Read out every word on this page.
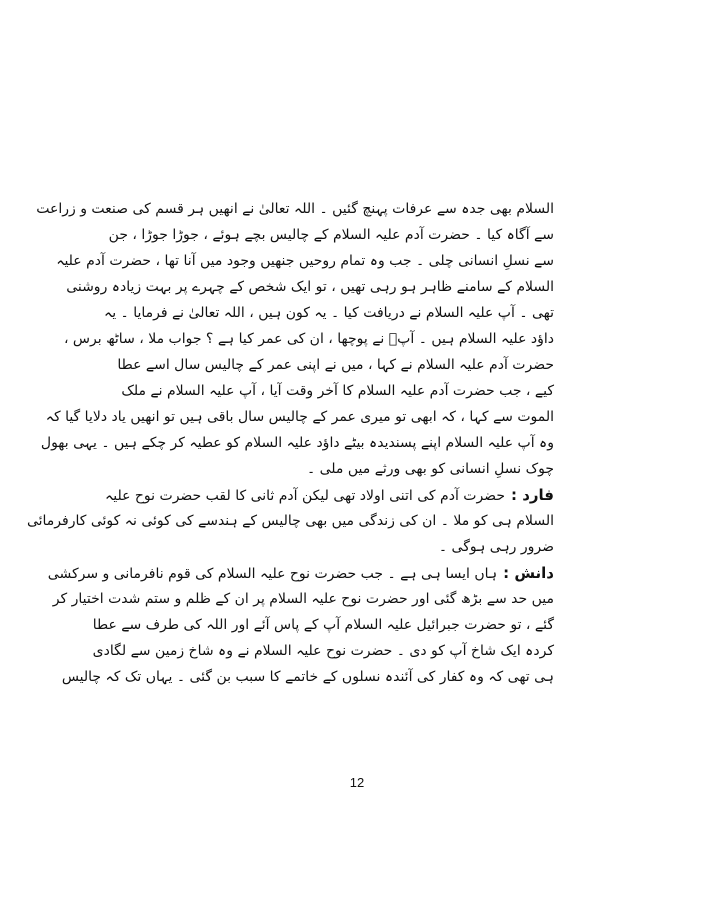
السلام بھی جدہ سے عرفات پہنچ گئیں ۔ اللہ تعالیٰ نے انھیں ہر قسم کی صنعت و زراعت
سے آگاہ کیا ۔ حضرت آدم علیہ السلام کے چالیس بچے ہوئے ، جوڑا جوڑا ، جن
سے نسلِ انسانی چلی ۔ جب وہ تمام روحیں جنھیں وجود میں آنا تھا ، حضرت آدم علیہ
السلام کے سامنے ظاہر ہو رہی تھیں ، تو ایک شخص کے چہرے پر بہت زیادہ روشنی
تھی ۔ آپ علیہ السلام نے دریافت کیا ۔ یہ کون ہیں ، اللہ تعالیٰ نے فرمایا ۔ یہ
داؤد علیہ السلام ہیں ۔ آپؑ نے پوچھا ، ان کی عمر کیا ہے ؟ جواب ملا ، ساٹھ برس ،
حضرت آدم علیہ السلام نے کہا ، میں نے اپنی عمر کے چالیس سال اسے عطا
کیے ، جب حضرت آدم علیہ السلام کا آخر وقت آیا ، آپ علیہ السلام نے ملک
الموت سے کہا ، کہ ابھی تو میری عمر کے چالیس سال باقی ہیں تو انھیں یاد دلایا گیا کہ
وہ آپ علیہ السلام اپنے پسندیدہ بیٹے داؤد علیہ السلام کو عطیہ کر چکے ہیں ۔ یہی بھول
چوک نسلِ انسانی کو بھی ورثے میں ملی ۔
فارد :حضرت آدم کی اتنی اولاد تھی لیکن آدم ثانی کا لقب حضرت نوح علیہ
السلام ہی کو ملا ۔ ان کی زندگی میں بھی چالیس کے ہندسے کی کوئی نہ کوئی کارفرمائی
ضرور رہی ہوگی ۔
دانش :ہاں ایسا ہی ہے ۔ جب حضرت نوح علیہ السلام کی قوم نافرمانی و سرکشی
میں حد سے بڑھ گئی اور حضرت نوح علیہ السلام پر ان کے ظلم و ستم شدت اختیار کر
گئے ، تو حضرت جبرائیل علیہ السلام آپ کے پاس آئے اور اللہ کی طرف سے عطا
کردہ ایک شاخ آپ کو دی ۔ حضرت نوح علیہ السلام نے وہ شاخ زمین سے لگادی
ہی تھی کہ وہ کفار کی آئندہ نسلوں کے خاتمے کا سبب بن گئی ۔ یہاں تک کہ چالیس
12
